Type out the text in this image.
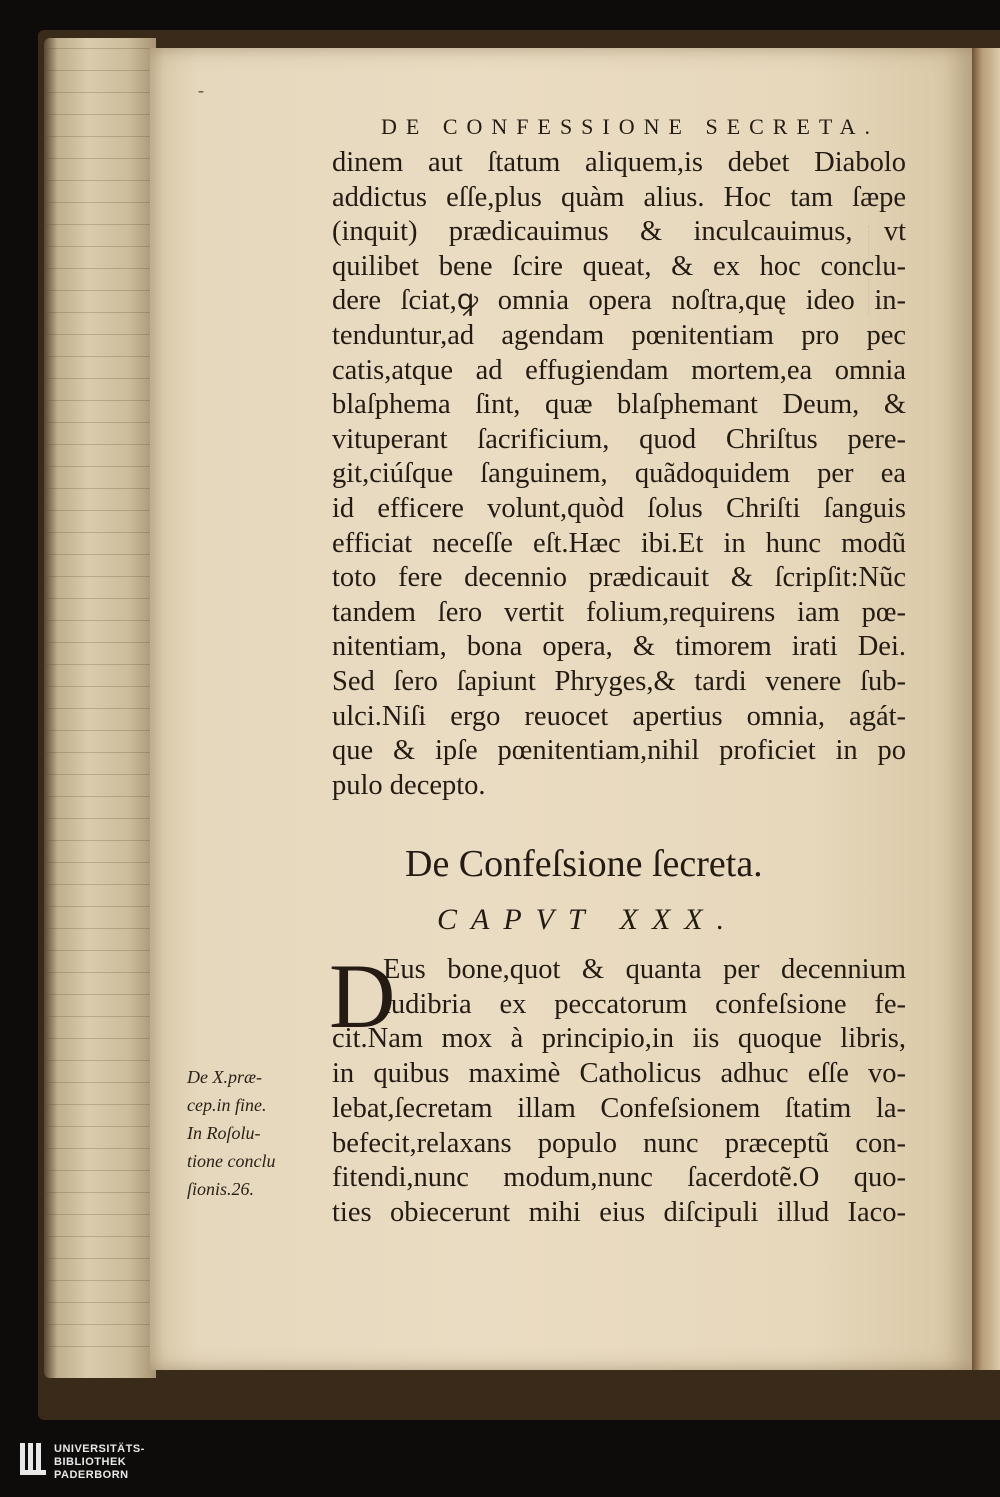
-
DE CONFESSIONE SECRETA.
dinem aut ſtatum aliquem,is debet Diabolo
addictus eſſe,plus quàm alius. Hoc tam ſæpe
(inquit) prædicauimus & inculcauimus, vt
quilibet bene ſcire queat, & ex hoc conclu-
dere ſciat,ꝙ omnia opera noſtra,quę ideo in-
tenduntur,ad agendam pœnitentiam pro pec
catis,atque ad effugiendam mortem,ea omnia
blaſphema ſint, quæ blaſphemant Deum, &
vituperant ſacrificium, quod Chriſtus pere-
git,ciúſque ſanguinem, quãdoquidem per ea
id efficere volunt,quòd ſolus Chriſti ſanguis
efficiat neceſſe eſt.Hæc ibi.Et in hunc modũ
toto fere decennio prædicauit & ſcripſit:Nũc
tandem ſero vertit folium,requirens iam pœ-
nitentiam, bona opera, & timorem irati Dei.
Sed ſero ſapiunt Phryges,& tardi venere ſub-
ulci.Niſi ergo reuocet apertius omnia, agát-
que & ipſe pœnitentiam,nihil proficiet in po
pulo decepto.
De Confeſsione ſecreta.
CAPVT XXX.
D
Eus bone,quot & quanta per decennium
ludibria ex peccatorum confeſsione fe-
cit.Nam mox à principio,in iis quoque libris,
in quibus maximè Catholicus adhuc eſſe vo-
lebat,ſecretam illam Confeſsionem ſtatim la-
befecit,relaxans populo nunc præceptũ con-
fitendi,nunc modum,nunc ſacerdotẽ.O quo-
ties obiecerunt mihi eius diſcipuli illud Iaco-
De X.præ-
cep.in fine.
In Roſolu-
tione conclu
ſionis.26.
UNIVERSITÄTS-
BIBLIOTHEK
PADERBORN
